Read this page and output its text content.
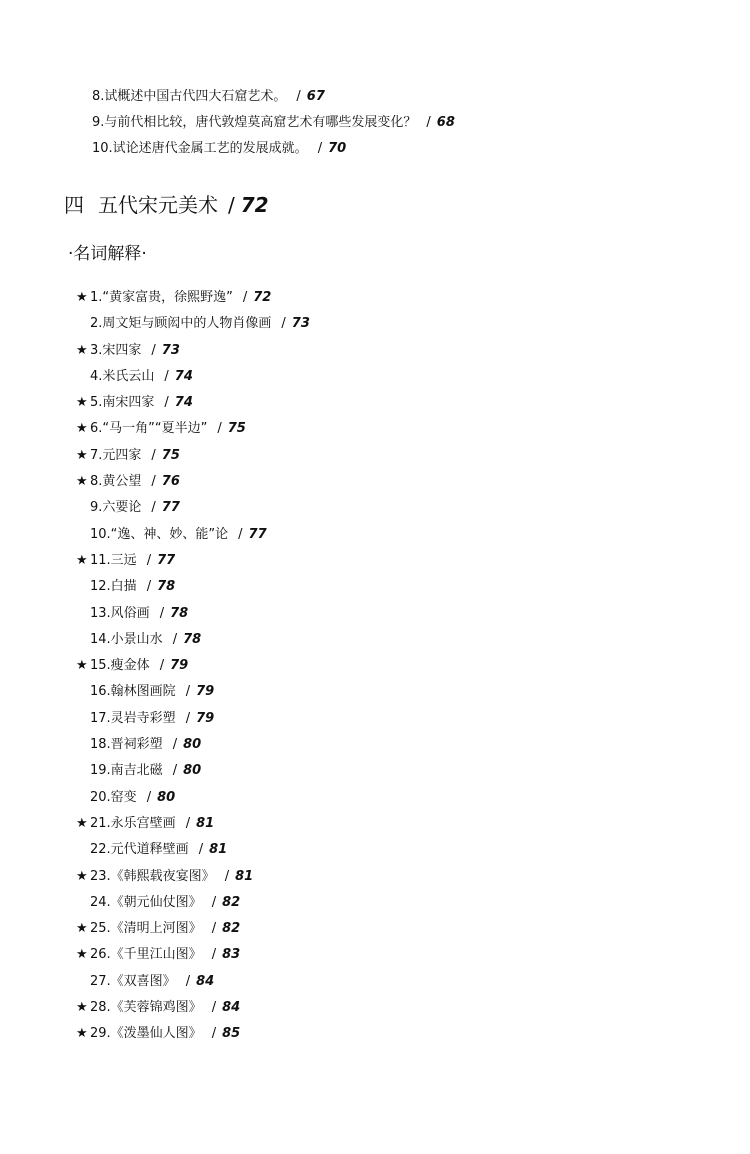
8.试概述中国古代四大石窟艺术。 / 67
9.与前代相比较，唐代敦煌莫高窟艺术有哪些发展变化？ / 68
10.试论述唐代金属工艺的发展成就。 / 70
四 五代宋元美术 / 72
·名词解释·
★ 1.“黄家富贵，徐熙野逸” / 72
2.周文矩与顾闳中的人物肖像画 / 73
★ 3.宋四家 / 73
4.米氏云山 / 74
★ 5.南宋四家 / 74
★ 6.“马一角”“夏半边” / 75
★ 7.元四家 / 75
★ 8.黄公望 / 76
9.六要论 / 77
10.“逸、神、妙、能”论 / 77
★ 11.三远 / 77
12.白描 / 78
13.风俗画 / 78
14.小景山水 / 78
★ 15.瘦金体 / 79
16.翰林图画院 / 79
17.灵岩寺彩塑 / 79
18.晋祠彩塑 / 80
19.南吉北磁 / 80
20.窑变 / 80
★ 21.永乐宫壁画 / 81
22.元代道释壁画 / 81
★ 23.《韩熙载夜宴图》 / 81
24.《朝元仙仗图》 / 82
★ 25.《清明上河图》 / 82
★ 26.《千里江山图》 / 83
27.《双喜图》 / 84
★ 28.《芙蓉锦鸡图》 / 84
★ 29.《泼墨仙人图》 / 85
